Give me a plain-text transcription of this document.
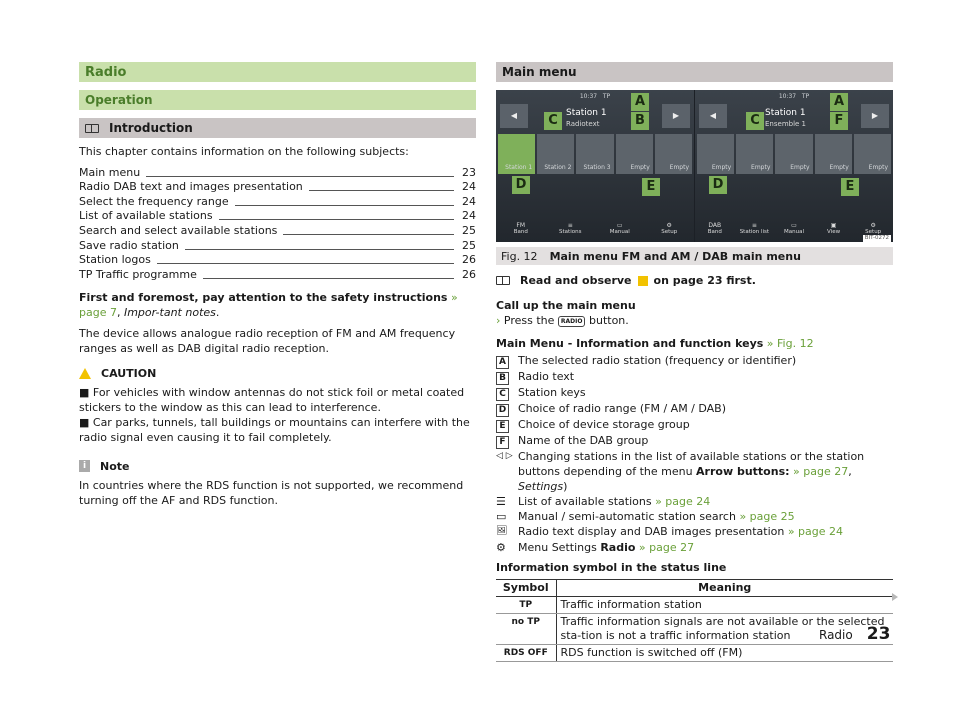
Radio
Operation
Introduction

This chapter contains information on the following subjects:

Main menu	23
Radio DAB text and images presentation	24
Select the frequency range	24
List of available stations	24
Search and select available stations	25
Save radio station	25
Station logos	26
TP Traffic programme	26

First and foremost, pay attention to the safety instructions » page 7, Impor-tant notes.

The device allows analogue radio reception of FM and AM frequency ranges as well as DAB digital radio reception.

CAUTION

■ For vehicles with window antennas do not stick foil or metal coated stickers to the window as this can lead to interference.

■ Car parks, tunnels, tall buildings or mountains can interfere with the radio signal even causing it to fail completely.

i	Note

In countries where the RDS function is not supported, we recommend turning off the AF and RDS function.

Main menu
10:37 TP
◀	▶
Station 1
Radiotext
Station 1 Station 2 Station 3	Empty	Empty
FM
Band
≡
Stations
▭
Manual
⚙
Setup
10:37 TP
◀	▶
Station 1
Ensemble 1
Empty	Empty	Empty	Empty	Empty
DAB
Band
≡
Station list
▭
Manual
▣
View
⚙
Setup
A
B
C
D	E
A
C	F
D	E
BIT-0272
Fig. 12 Main menu FM and AM / DAB main menu
Read and observe on page 23 first.

Call up the main menu

› Press the RADIO button.

Main Menu - Information and function keys » Fig. 12

A	The selected radio station (frequency or identifier)
B	Radio text
C	Station keys
D	Choice of radio range (FM / AM / DAB)
E	Choice of device storage group
F	Name of the DAB group
◁ ▷ Changing stations in the list of available stations or the station buttons depending of the menu Arrow buttons: » page 27, Settings)
☰	List of available stations » page 24
▭	Manual / semi-automatic station search » page 25
🖼 Radio text display and DAB images presentation » page 24
⚙	Menu Settings Radio » page 27

Information symbol in the status line

Symbol	Meaning
TP	Traffic information station
no TP	Traffic information signals are not available or the selected sta-tion is not a traffic information station
RDS OFF	RDS function is switched off (FM)
Radio 23
